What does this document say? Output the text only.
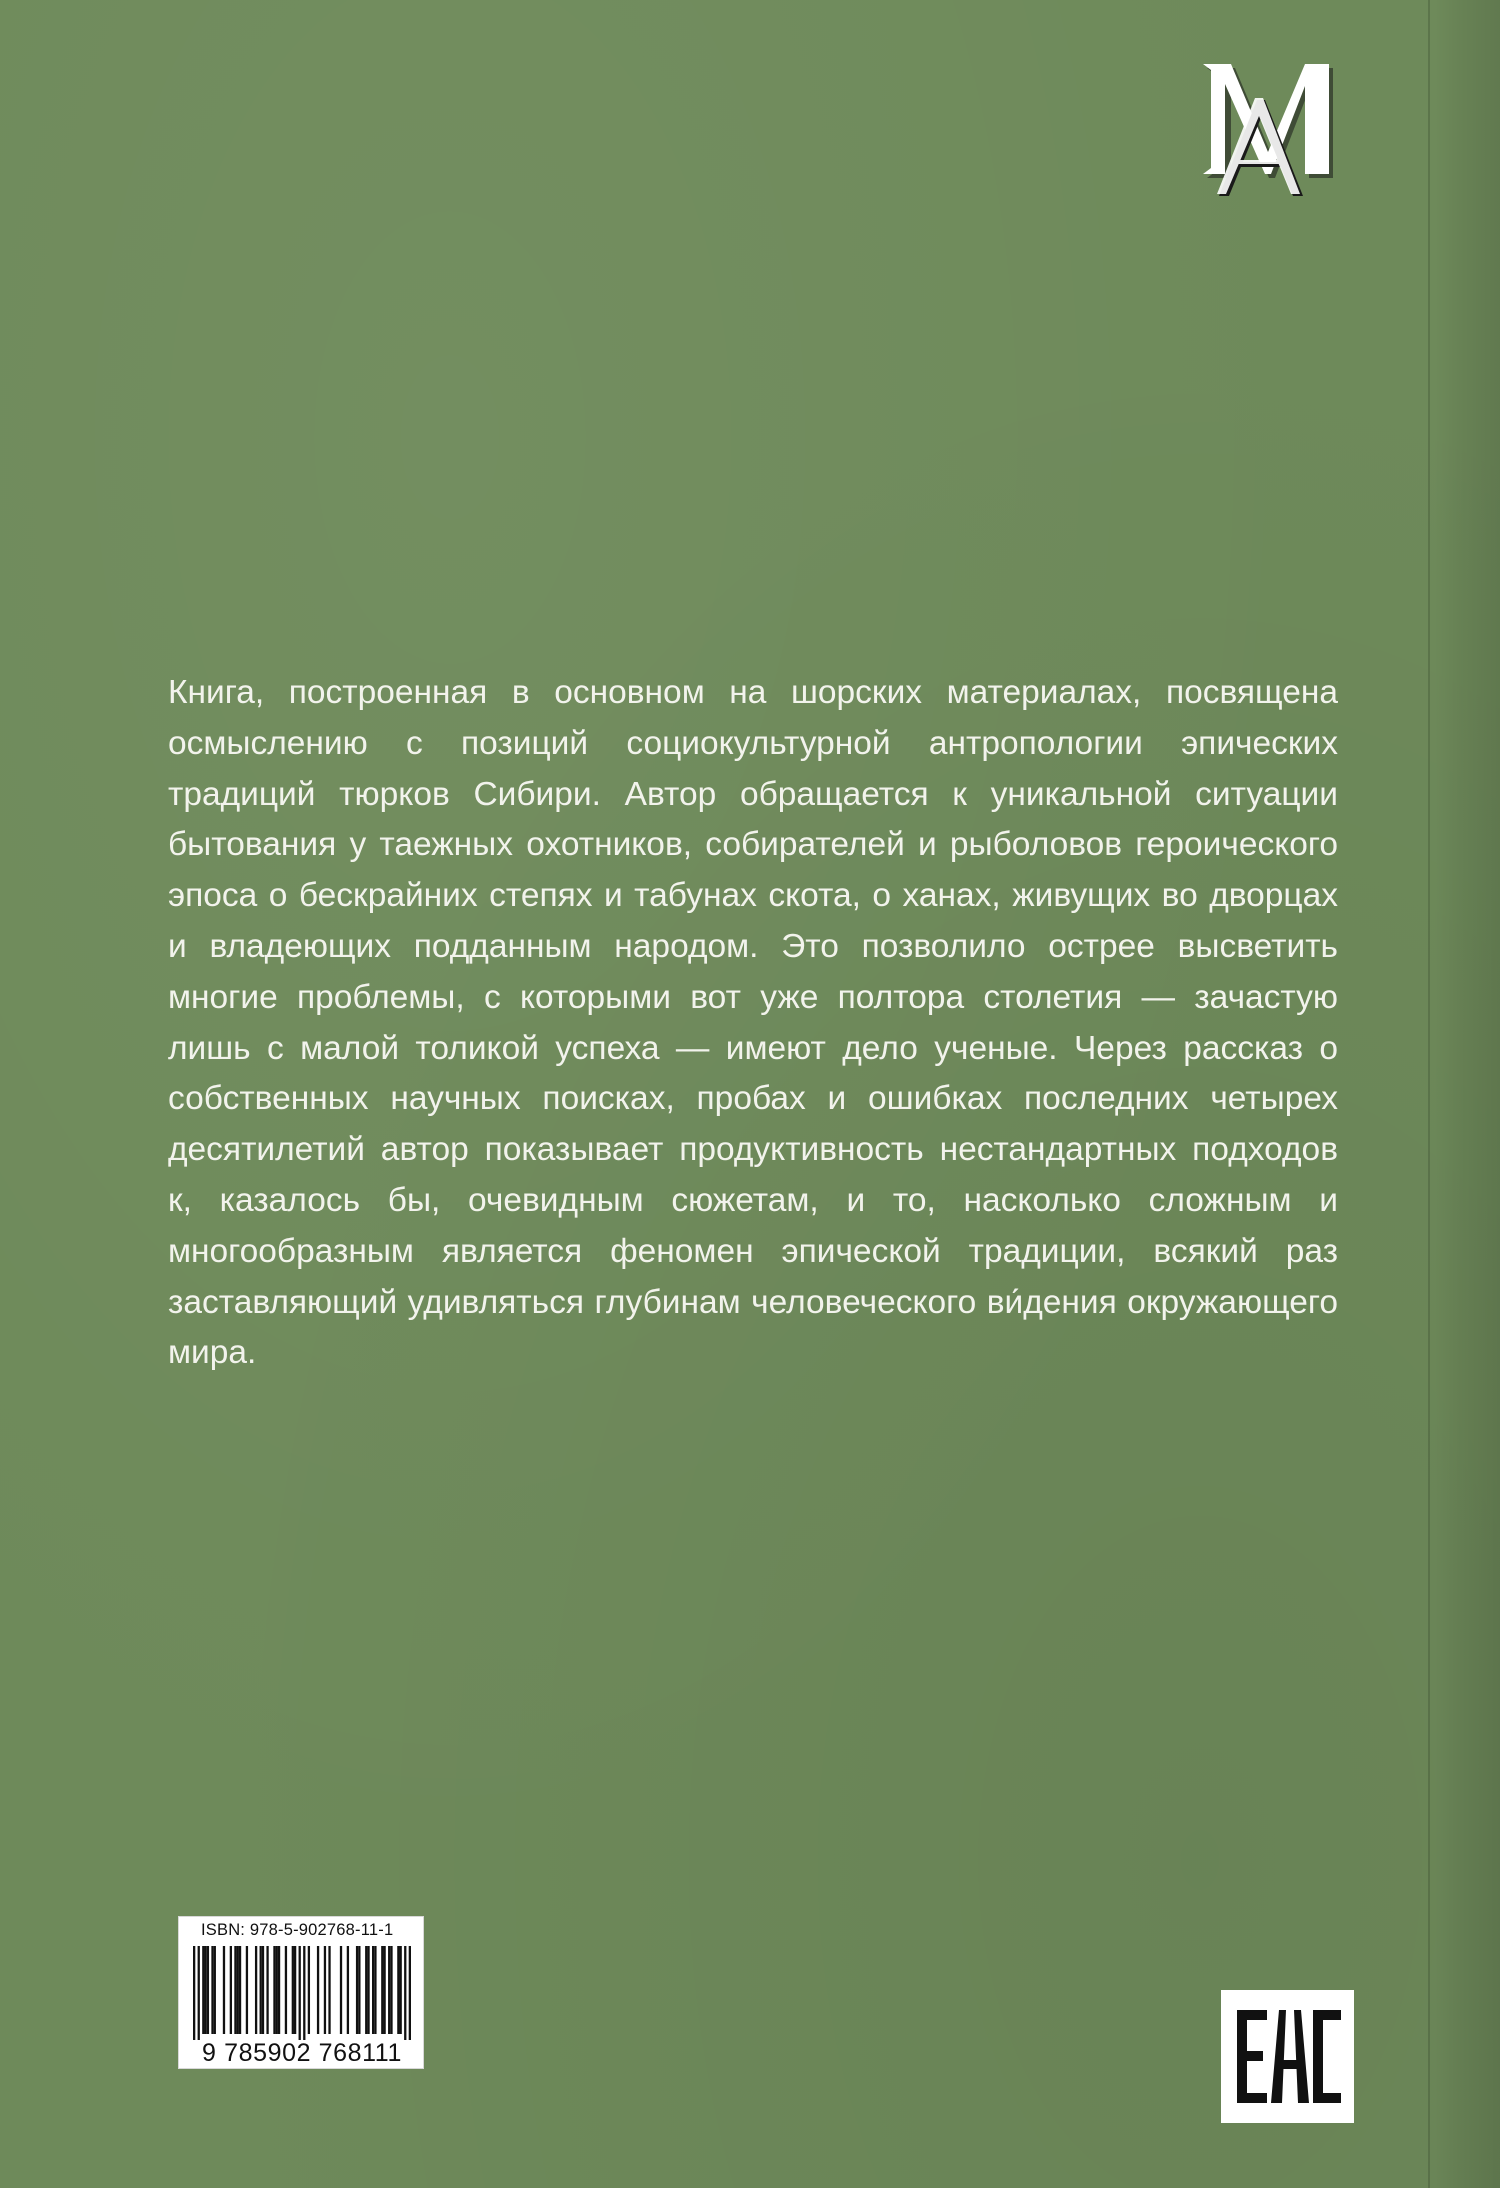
Книга, построенная в основном на шорских материалах, посвящена осмыслению с позиций социокультурной антропологии эпических традиций тюрков Сибири. Автор обращается к уникальной ситуации бытования у таежных охотников, собирателей и рыболовов героического эпоса о бескрайних степях и табунах скота, о ханах, живущих во дворцах и владеющих подданным народом. Это позволило острее высветить многие проблемы, с которыми вот уже полтора столетия — зачастую лишь с малой толикой успеха — имеют дело ученые. Через рассказ о собственных научных поисках, пробах и ошибках последних четырех десятилетий автор показывает продуктивность нестандартных подходов к, казалось бы, очевидным сюжетам, и то, насколько сложным и многообразным является феномен эпической традиции, всякий раз заставляющий удивляться глубинам человеческого ви́дения окружающего мира.

ISBN: 978-5-902768-11-1
9 785902 768111
